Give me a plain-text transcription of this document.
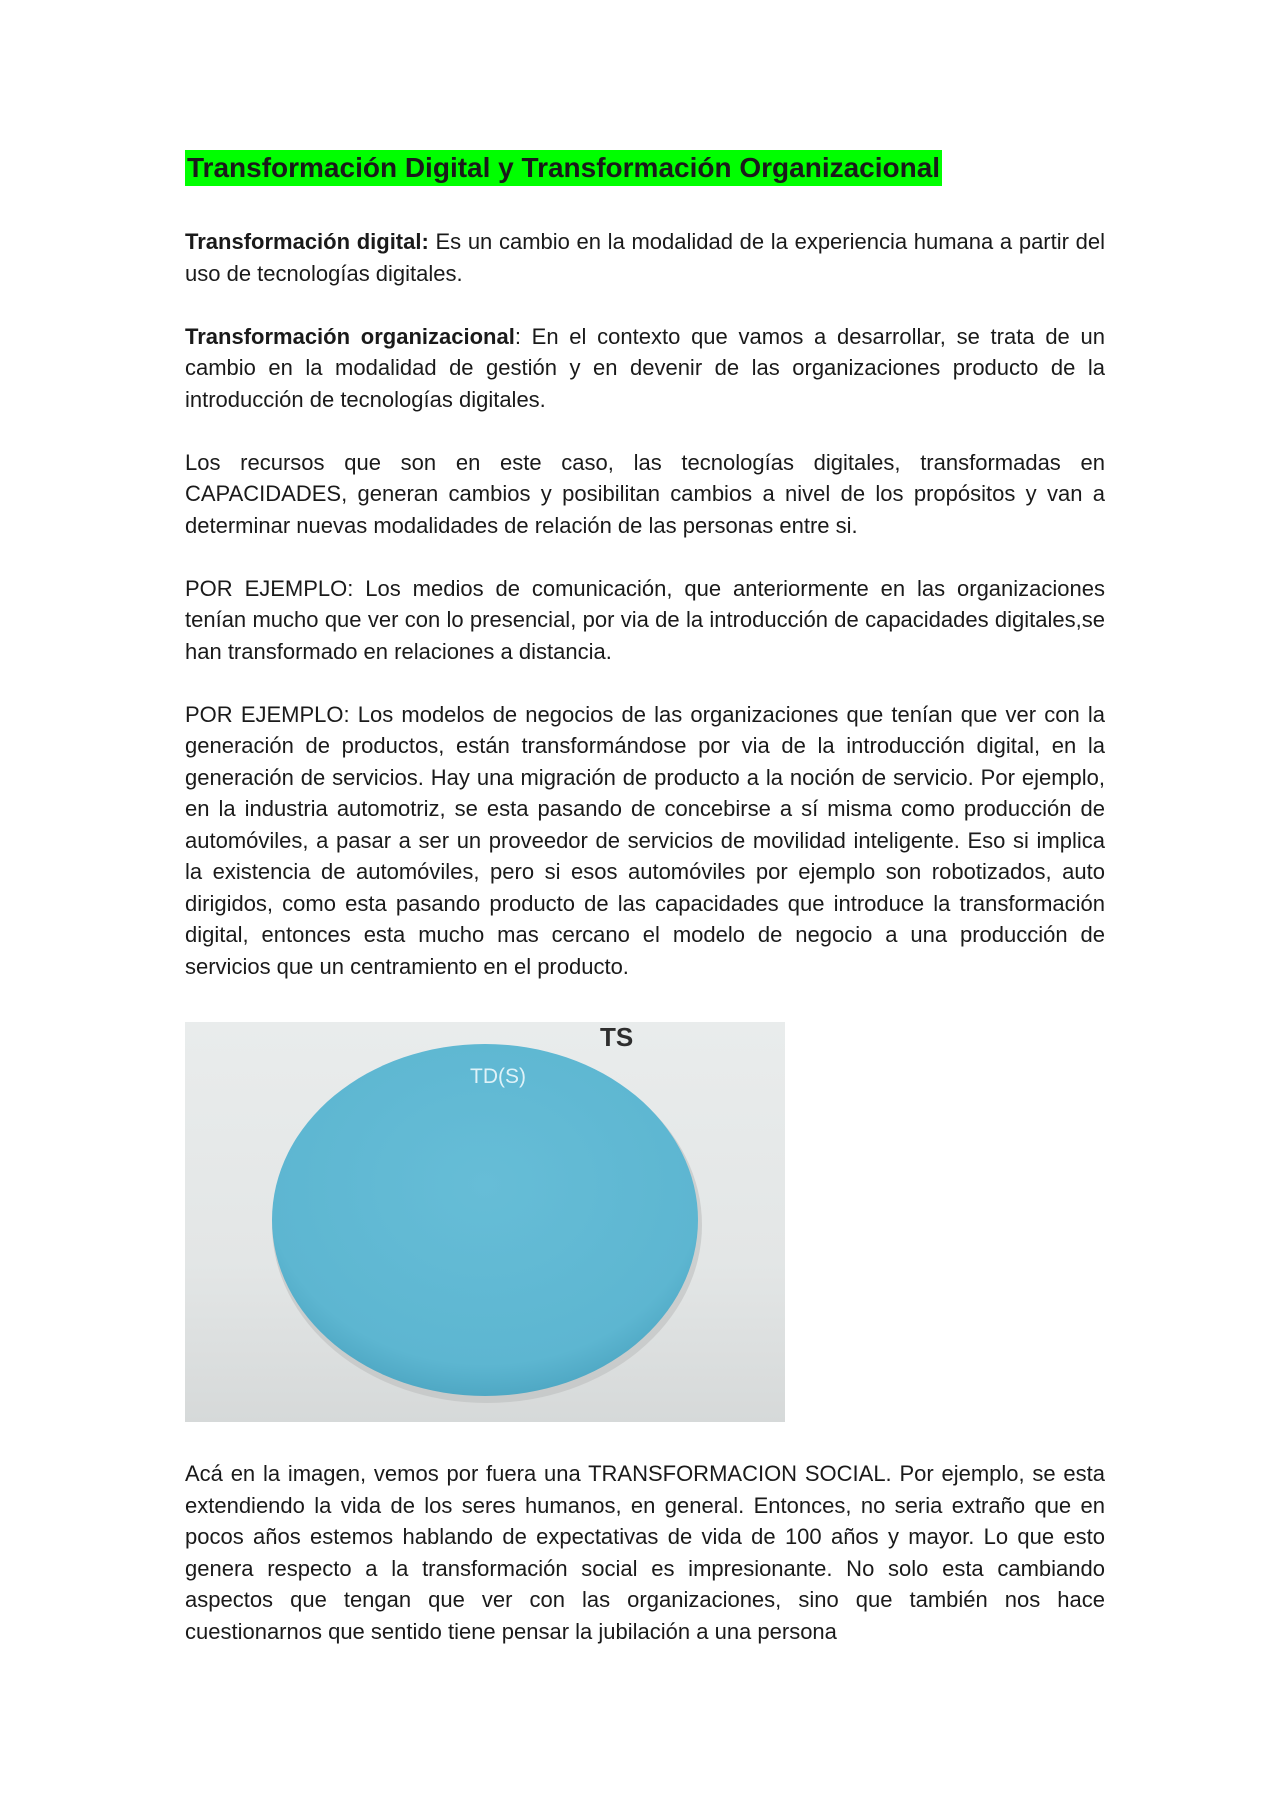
Transformación Digital y Transformación Organizacional

Transformación digital: Es un cambio en la modalidad de la experiencia humana a partir del uso de tecnologías digitales.

Transformación organizacional: En el contexto que vamos a desarrollar, se trata de un cambio en la modalidad de gestión y en devenir de las organizaciones producto de la introducción de tecnologías digitales.

Los recursos que son en este caso, las tecnologías digitales, transformadas en CAPACIDADES, generan cambios y posibilitan cambios a nivel de los propósitos y van a determinar nuevas modalidades de relación de las personas entre si.

POR EJEMPLO: Los medios de comunicación, que anteriormente en las organizaciones tenían mucho que ver con lo presencial, por via de la introducción de capacidades digitales,se han transformado en relaciones a distancia.

POR EJEMPLO: Los modelos de negocios de las organizaciones que tenían que ver con la generación de productos, están transformándose por via de la introducción digital, en la generación de servicios. Hay una migración de producto a la noción de servicio. Por ejemplo, en la industria automotriz, se esta pasando de concebirse a sí misma como producción de automóviles, a pasar a ser un proveedor de servicios de movilidad inteligente. Eso si implica la existencia de automóviles, pero si esos automóviles por ejemplo son robotizados, auto dirigidos, como esta pasando producto de las capacidades que introduce la transformación digital, entonces esta mucho mas cercano el modelo de negocio a una producción de servicios que un centramiento en el producto.

TS
TD(S)

Acá en la imagen, vemos por fuera una TRANSFORMACION SOCIAL. Por ejemplo, se esta extendiendo la vida de los seres humanos, en general. Entonces, no seria extraño que en pocos años estemos hablando de expectativas de vida de 100 años y mayor. Lo que esto genera respecto a la transformación social es impresionante. No solo esta cambiando aspectos que tengan que ver con las organizaciones, sino que también nos hace cuestionarnos que sentido tiene pensar la jubilación a una persona
